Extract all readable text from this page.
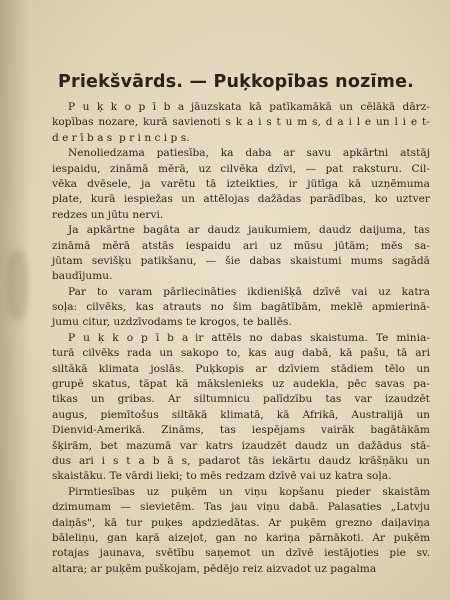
Priekšvārds. — Puķkopības nozīme.
P u ķ k o p ī b a  jāuzskata kā patīkamākā un cēlākā dārz-
kopības nozare, kurā savienoti s k a i s t u m s, d a i l e un l i e t-
d e r ī b a s  p r i n c i p s.
Nenoliedzama patiesība, ka daba ar savu apkārtni atstāj
iespaidu, zināmā mērā, uz cilvēka dzīvi, — pat raksturu. Cil-
vēka dvēsele, ja varētu tā izteikties, ir jūtīga kā uzņēmuma
plate, kurā iespiežas un attēlojas dažādas parādības, ko uztver
redzes un jūtu nervi.
Ja apkārtne bagāta ar daudz jaukumiem, daudz daijuma, tas
zināmā mērā atstās iespaidu ari uz mūsu jūtām; mēs sa-
jūtam sevišķu patikšanu, — šie dabas skaistumi mums sagādā
baudījumu.
Par to varam pārliecināties ikdienišķā dzīvē vai uz katra
soļa: cilvēks, kas atrauts no šim bagātībām, meklē apmierinā-
jumu citur, uzdzīvodams te krogos, te ballēs.
P u ķ k o p ī b a  ir attēls no dabas skaistuma. Te minia-
turā cilvēks rada un sakopo to, kas aug dabā, kā pašu, tā ari
siltākā klimata joslās. Puķkopis ar dzīviem stādiem tēlo un
grupē skatus, tāpat kā mākslenieks uz audekla, pēc savas pa-
tikas un gribas. Ar siltumnicu palīdzību tas var izaudzēt
augus, piemītošus siltākā klimatā, kā Afrikā, Australijā un
Dienvid-Amerikā. Zināms, tas iespējams vairāk bagātākām
šķirām, bet mazumā var katrs izaudzēt daudz un dažādus stā-
dus ari i s t a b ā s, padarot tās iekārtu daudz krāšņāku un
skaistāku. Te vārdi lieki; to mēs redzam dzīvē vai uz katra soļa.
Pirmtiesības uz puķēm un viņu kopšanu pieder skaistām
dzimumam — sievietēm. Tas jau viņu dabā. Palasaties „Latvju
daiņās", kā tur puķes apdziedātas. Ar puķēm grezno daiļaviņa
bāleliņu, gan kaŗā aizejot, gan no kariņa pārnākoti. Ar puķēm
rotajas jaunava, svētību saņemot un dzīvē iestājoties pie sv.
altara; ar puķēm puškojam, pēdējo reiz aizvadot uz pagalma
